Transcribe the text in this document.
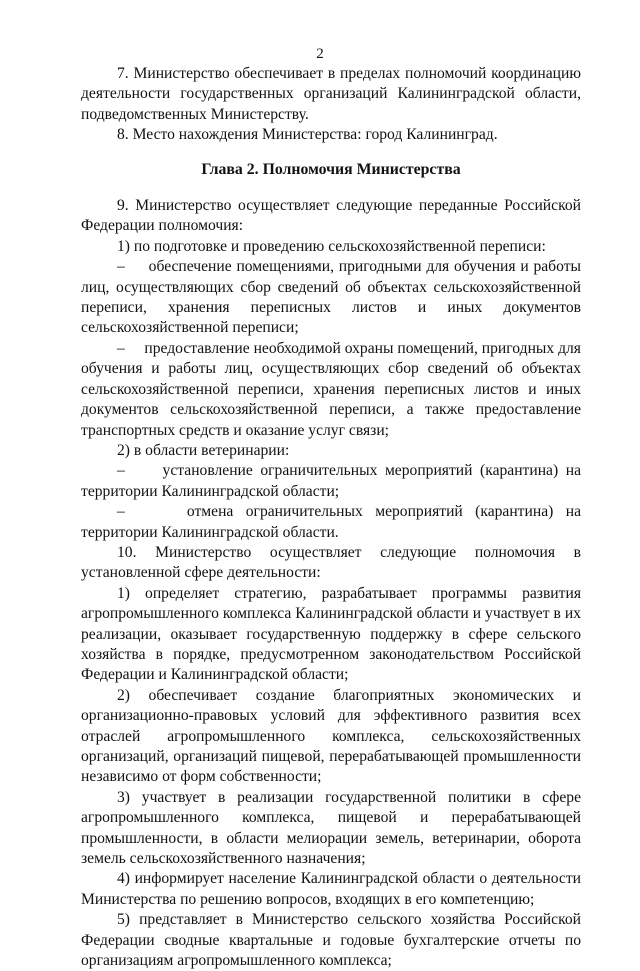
2

7. Министерство обеспечивает в пределах полномочий координацию деятельности государственных организаций Калининградской области, подведомственных Министерству.

8. Место нахождения Министерства: город Калининград.

Глава 2. Полномочия Министерства

9. Министерство осуществляет следующие переданные Российской Федерации полномочия:

1) по подготовке и проведению сельскохозяйственной переписи:

–     обеспечение помещениями, пригодными для обучения и работы лиц, осуществляющих сбор сведений об объектах сельскохозяйственной переписи, хранения переписных листов и иных документов сельскохозяйственной переписи;

–     предоставление необходимой охраны помещений, пригодных для обучения и работы лиц, осуществляющих сбор сведений об объектах сельскохозяйственной переписи, хранения переписных листов и иных документов сельскохозяйственной переписи, а также предоставление транспортных средств и оказание услуг связи;

2) в области ветеринарии:

–     установление ограничительных мероприятий (карантина) на территории Калининградской области;

–     отмена ограничительных мероприятий (карантина) на территории Калининградской области.

10. Министерство осуществляет следующие полномочия в установленной сфере деятельности:

1) определяет стратегию, разрабатывает программы развития агропромышленного комплекса Калининградской области и участвует в их реализации, оказывает государственную поддержку в сфере сельского хозяйства в порядке, предусмотренном законодательством Российской Федерации и Калининградской области;

2) обеспечивает создание благоприятных экономических и организационно-правовых условий для эффективного развития всех отраслей агропромышленного комплекса, сельскохозяйственных организаций, организаций пищевой, перерабатывающей промышленности независимо от форм собственности;

3) участвует в реализации государственной политики в сфере агропромышленного комплекса, пищевой и перерабатывающей промышленности, в области мелиорации земель, ветеринарии, оборота земель сельскохозяйственного назначения;

4) информирует население Калининградской области о деятельности Министерства по решению вопросов, входящих в его компетенцию;

5) представляет в Министерство сельского хозяйства Российской Федерации сводные квартальные и годовые бухгалтерские отчеты по организациям агропромышленного комплекса;
